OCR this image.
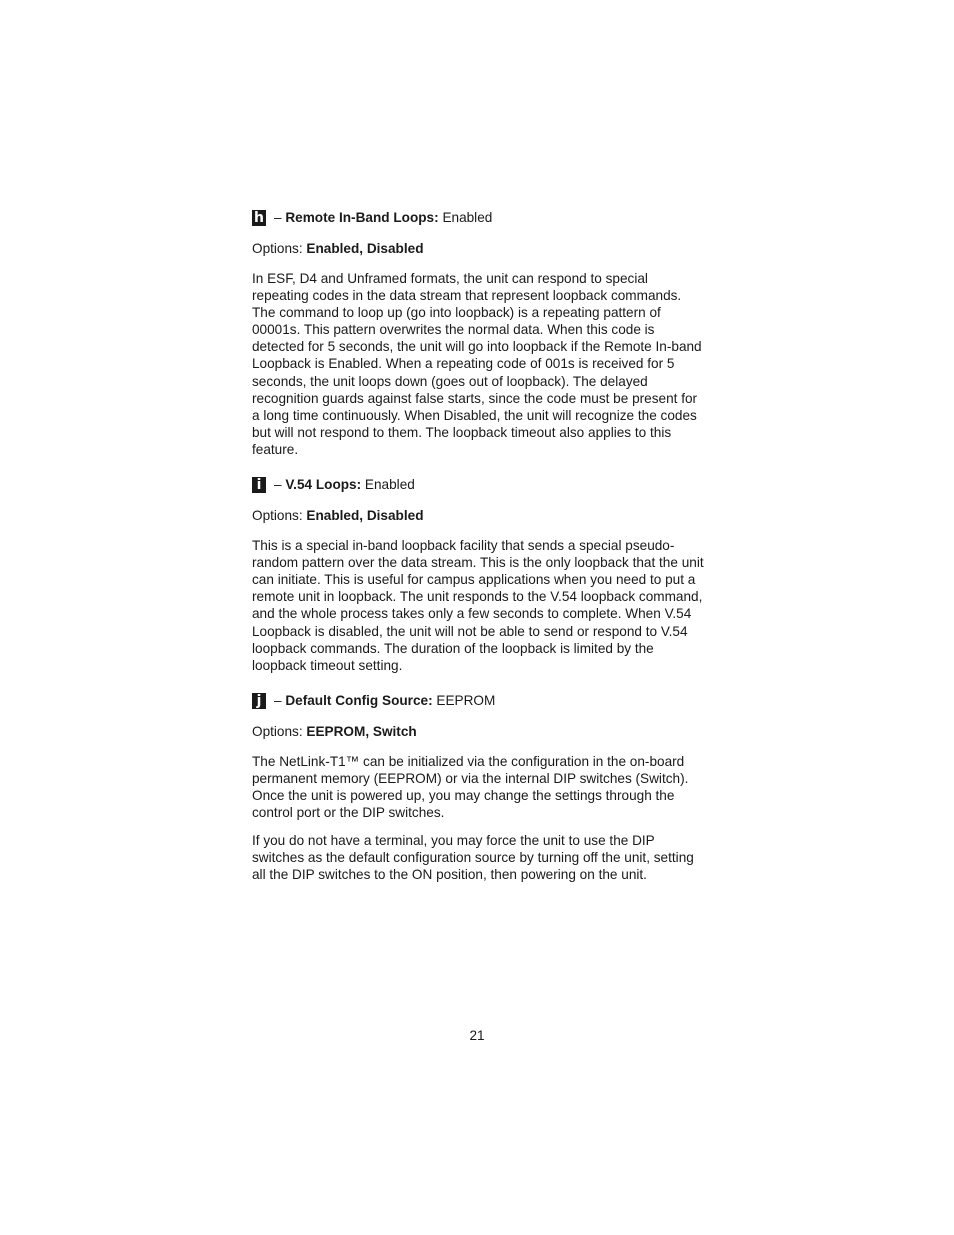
h – Remote In-Band Loops: Enabled

Options: Enabled, Disabled

In ESF, D4 and Unframed formats, the unit can respond to special repeating codes in the data stream that represent loopback commands. The command to loop up (go into loopback) is a repeating pattern of 00001s. This pattern overwrites the normal data. When this code is detected for 5 seconds, the unit will go into loopback if the Remote In-band Loopback is Enabled. When a repeating code of 001s is received for 5 seconds, the unit loops down (goes out of loopback). The delayed recognition guards against false starts, since the code must be present for a long time continuously. When Disabled, the unit will recognize the codes but will not respond to them. The loopback timeout also applies to this feature.

i – V.54 Loops: Enabled

Options: Enabled, Disabled

This is a special in-band loopback facility that sends a special pseudo-random pattern over the data stream. This is the only loopback that the unit can initiate. This is useful for campus applications when you need to put a remote unit in loopback. The unit responds to the V.54 loopback command, and the whole process takes only a few seconds to complete. When V.54 Loopback is disabled, the unit will not be able to send or respond to V.54 loopback commands. The duration of the loopback is limited by the loopback timeout setting.

j – Default Config Source: EEPROM

Options: EEPROM, Switch

The NetLink-T1™ can be initialized via the configuration in the on-board permanent memory (EEPROM) or via the internal DIP switches (Switch). Once the unit is powered up, you may change the settings through the control port or the DIP switches.

If you do not have a terminal, you may force the unit to use the DIP switches as the default configuration source by turning off the unit, setting all the DIP switches to the ON position, then powering on the unit.

21
